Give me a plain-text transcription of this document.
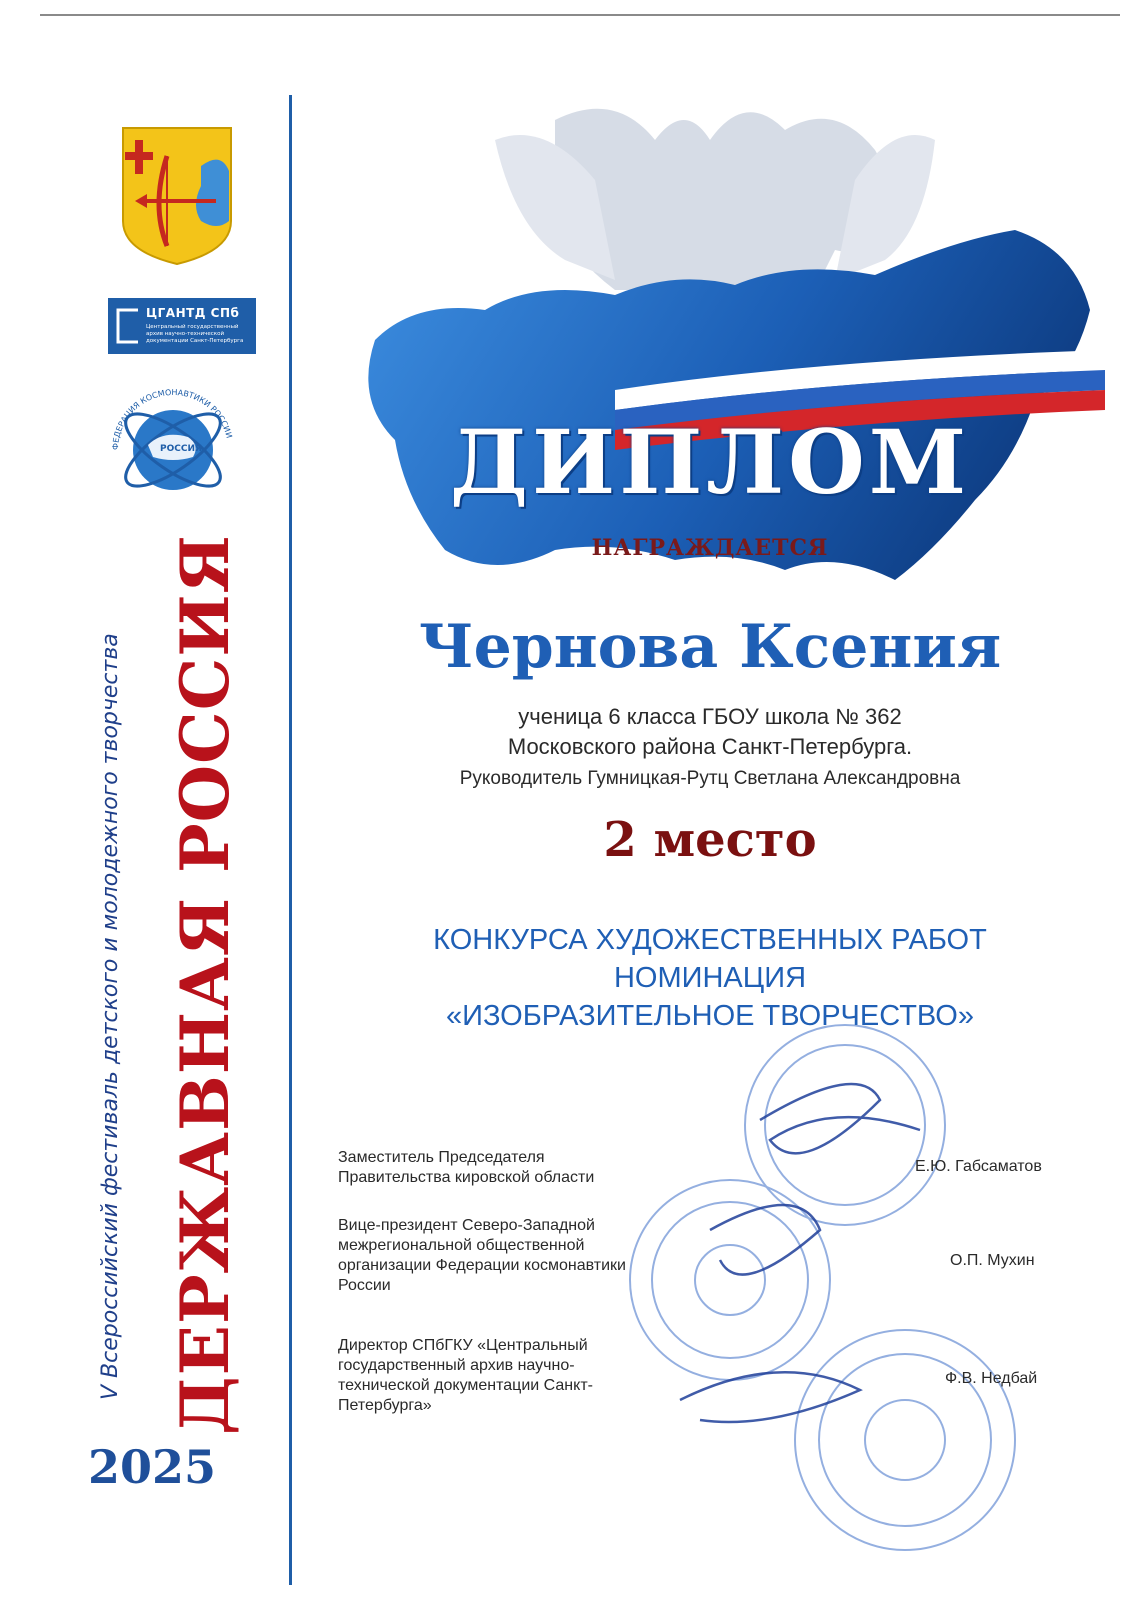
ЦГАНТД СПб
Центральный государственный архив научно-технической документации Санкт-Петербурга
ФЕДЕРАЦИЯ КОСМОНАВТИКИ РОССИИ
РОССИЯ
V Всероссийский фестиваль детского и молодежного творчества ДЕРЖАВНАЯ РОССИЯ
2025
ДИПЛОМ
НАГРАЖДАЕТСЯ
Чернова Ксения
ученица 6 класса ГБОУ школа № 362
Московского района Санкт-Петербурга.
Руководитель Гумницкая-Рутц Светлана Александровна
2 место
КОНКУРСА ХУДОЖЕСТВЕННЫХ РАБОТ
НОМИНАЦИЯ
«ИЗОБРАЗИТЕЛЬНОЕ ТВОРЧЕСТВО»
Заместитель Председателя Правительства кировской области
Е.Ю. Габсаматов
Вице-президент Северо-Западной межрегиональной общественной организации Федерации космонавтики России
О.П. Мухин
Директор СПбГКУ «Центральный государственный архив научно-технической документации Санкт-Петербурга»
Ф.В. Недбай
